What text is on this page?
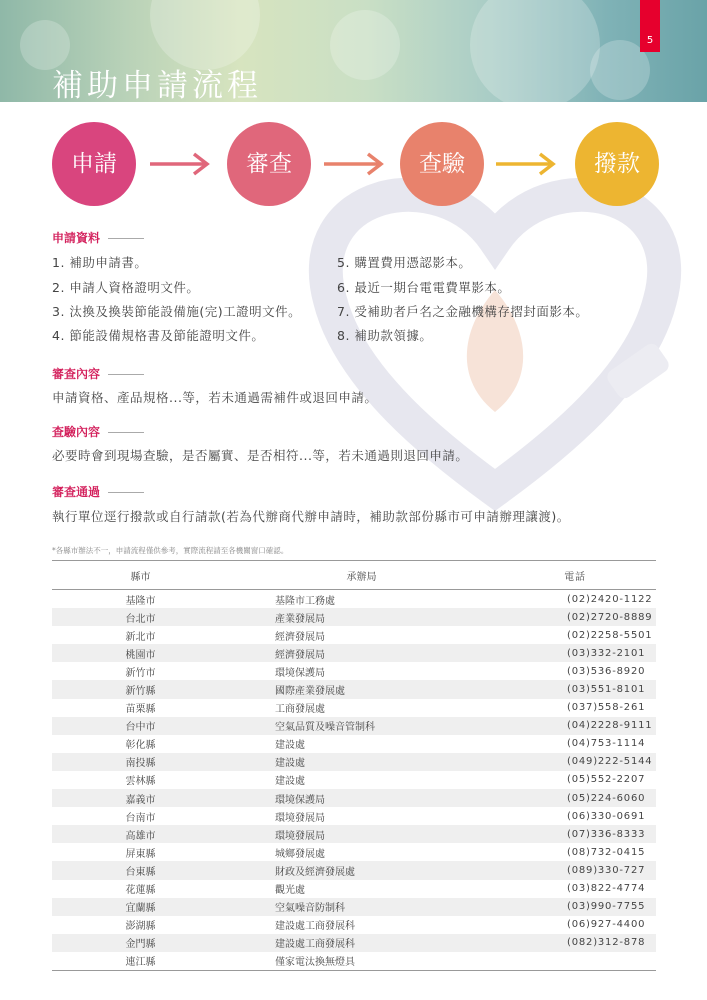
5
補助申請流程
申請	審查	查驗	撥款
申請資料
1. 補助申請書。
2. 申請人資格證明文件。
3. 汰換及換裝節能設備施(完)工證明文件。
4. 節能設備規格書及節能證明文件。
5. 購置費用憑認影本。
6. 最近一期台電電費單影本。
7. 受補助者戶名之金融機構存摺封面影本。
8. 補助款領據。
審查內容
申請資格、產品規格...等，若未通過需補件或退回申請。
查驗內容
必要時會到現場查驗，是否屬實、是否相符...等，若未通過則退回申請。
審查通過
執行單位逕行撥款或自行請款(若為代辦商代辦申請時，補助款部份縣市可申請辦理讓渡)。
*各縣市辦法不一，申請流程僅供參考，實際流程請至各機關窗口確認。
縣市	承辦局	電話
基隆市	基隆市工務處	(02)2420-1122
台北市	產業發展局	(02)2720-8889
新北市	經濟發展局	(02)2258-5501
桃園市	經濟發展局	(03)332-2101
新竹市	環境保護局	(03)536-8920
新竹縣	國際產業發展處	(03)551-8101
苗栗縣	工商發展處	(037)558-261
台中市	空氣品質及噪音管制科	(04)2228-9111
彰化縣	建設處	(04)753-1114
南投縣	建設處	(049)222-5144
雲林縣	建設處	(05)552-2207
嘉義市	環境保護局	(05)224-6060
台南市	環境發展局	(06)330-0691
高雄市	環境發展局	(07)336-8333
屏東縣	城鄉發展處	(08)732-0415
台東縣	財政及經濟發展處	(089)330-727
花蓮縣	觀光處	(03)822-4774
宜蘭縣	空氣噪音防制科	(03)990-7755
澎湖縣	建設處工商發展科	(06)927-4400
金門縣	建設處工商發展科	(082)312-878
連江縣	僅家電汰換無燈具	
